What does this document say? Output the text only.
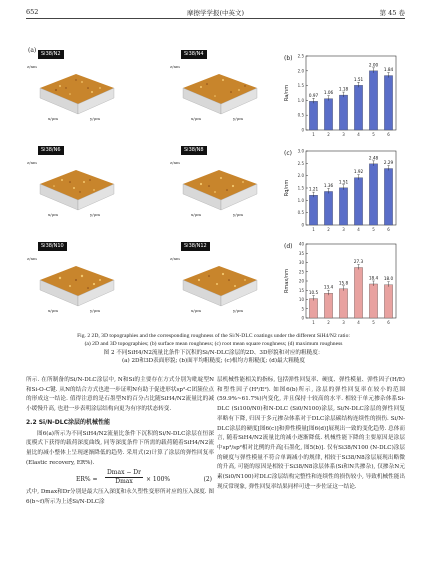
652	摩擦学学报(中英文)	第 45 卷
(a) Si38/N2
z/nm
x/μm	y/μm
Si38/N4
z/nm
x/μm	y/μm
Si38/N6
z/nm
x/μm	y/μm
Si38/N8
z/nm
x/μm	y/μm
Si38/N10
z/nm
x/μm	y/μm
Si38/N12
z/nm
x/μm	y/μm
(b)
Ra/nm
0
0.5
1.0
1.5
2.0
2.5
0.97
1
1.06
2
1.18
3
1.51
4
2.00
5
1.84
6
(c)
Rq/nm
0
0.5
1.0
1.5
2.0
2.5
3.0
1.21
1
1.36
2
1.51
3
1.92
4
2.48
5
2.29
6
(d)
Rmax/nm
0
5
10
15
20
25
30
35
40
10.5
1
13.4
2
15.8
3
27.3
4
18.4
5
18.0
6
Fig. 2 2D, 3D topographies and the corresponding roughness of the Si/N-DLC coatings under the different SiH4/N2 ratio:
(a) 2D and 3D topographies; (b) surface mean roughness; (c) root mean square roughness; (d) maximum roughness
图 2 不同SiH4/N2流量比条件下沉积的Si/N-DLC涂层的2D、3D形貌和对应的粗糙度：
(a) 2D和3D表面形貌; (b)面平均粗糙度; (c)根均方粗糙度; (d)最大粗糙度

所示. 在所制备的Si/N-DLC涂层中, N和Si的主要存在方式分别为吡啶型N和Si-O-C键. 从N的结合方式也进一步证明N有助于促进形状sp²-C团簇位点的形成这一结论. 值得注意的是石墨型N的百分占比随SiH4/N2流量比的减小缓慢升高, 也进一步表明涂层结构向更为有序的状态转变.

2.2 Si/N-DLC涂层的机械性能

图6(a)所示为不同SiH4/N2流量比条件下沉积的Si/N-DLC涂层在恒深度模式下获得的载荷深度曲线, 同等深度条件下所需的载荷随着SiH4/N2流量比的减小整体上呈现逐渐降低的趋势. 采用式(2)计算了涂层的弹性回复率(Elastic recovery, ER%).

ER% =
Dmax − Dr
Dmax	× 100%	(2)

式中, Dmax和Dr分别是最大压入深度和永久塑性变形所对应的压入深度. 图6(b~f)所示为上述Si/N-DLC涂

层机械性能相关的指标, 包括弹性回复率、硬度、弹性模量、弹性因子(H/E)和塑性因子(H³/E²). 如图6(b)所示, 涂层的弹性回复率在较小的范围(59.9%~61.7%)内变化, 并且保持十较高的水平. 相较于单元掺杂体系Si-DLC (Si100/N0)和N-DLC (Si0/N100)涂层, Si/N-DLC涂层的弹性回复率略有下降, 归因于多元掺杂体系对于DLC涂层碳结构连续性的损伤. Si/N-DLC涂层的硬度[图6(c)]和弹性模量[图6(d)]展现出一致的变化趋势. 总体而言, 随着SiH4/N2流量比的减小逐渐降低. 机械性能下降的主要原因是涂层中sp³/sp²相对比例的升高[石墨化, 图5(b)]. 仅有Si38/N100 (N-DLC)涂层的硬度与弹性模量不符合单调减小的规律, 相较于Si38/N8涂层展现出略微的升高, 可能的原因是相较于Si38/N8涂层体系(Si和N共掺杂), 仅掺杂N元素(Si0/N100)对DLC涂层结构完整性和连续性的损伤较小, 导致机械性能出现反常现象, 弹性回复率结果同样可进一步佐证这一结论.
